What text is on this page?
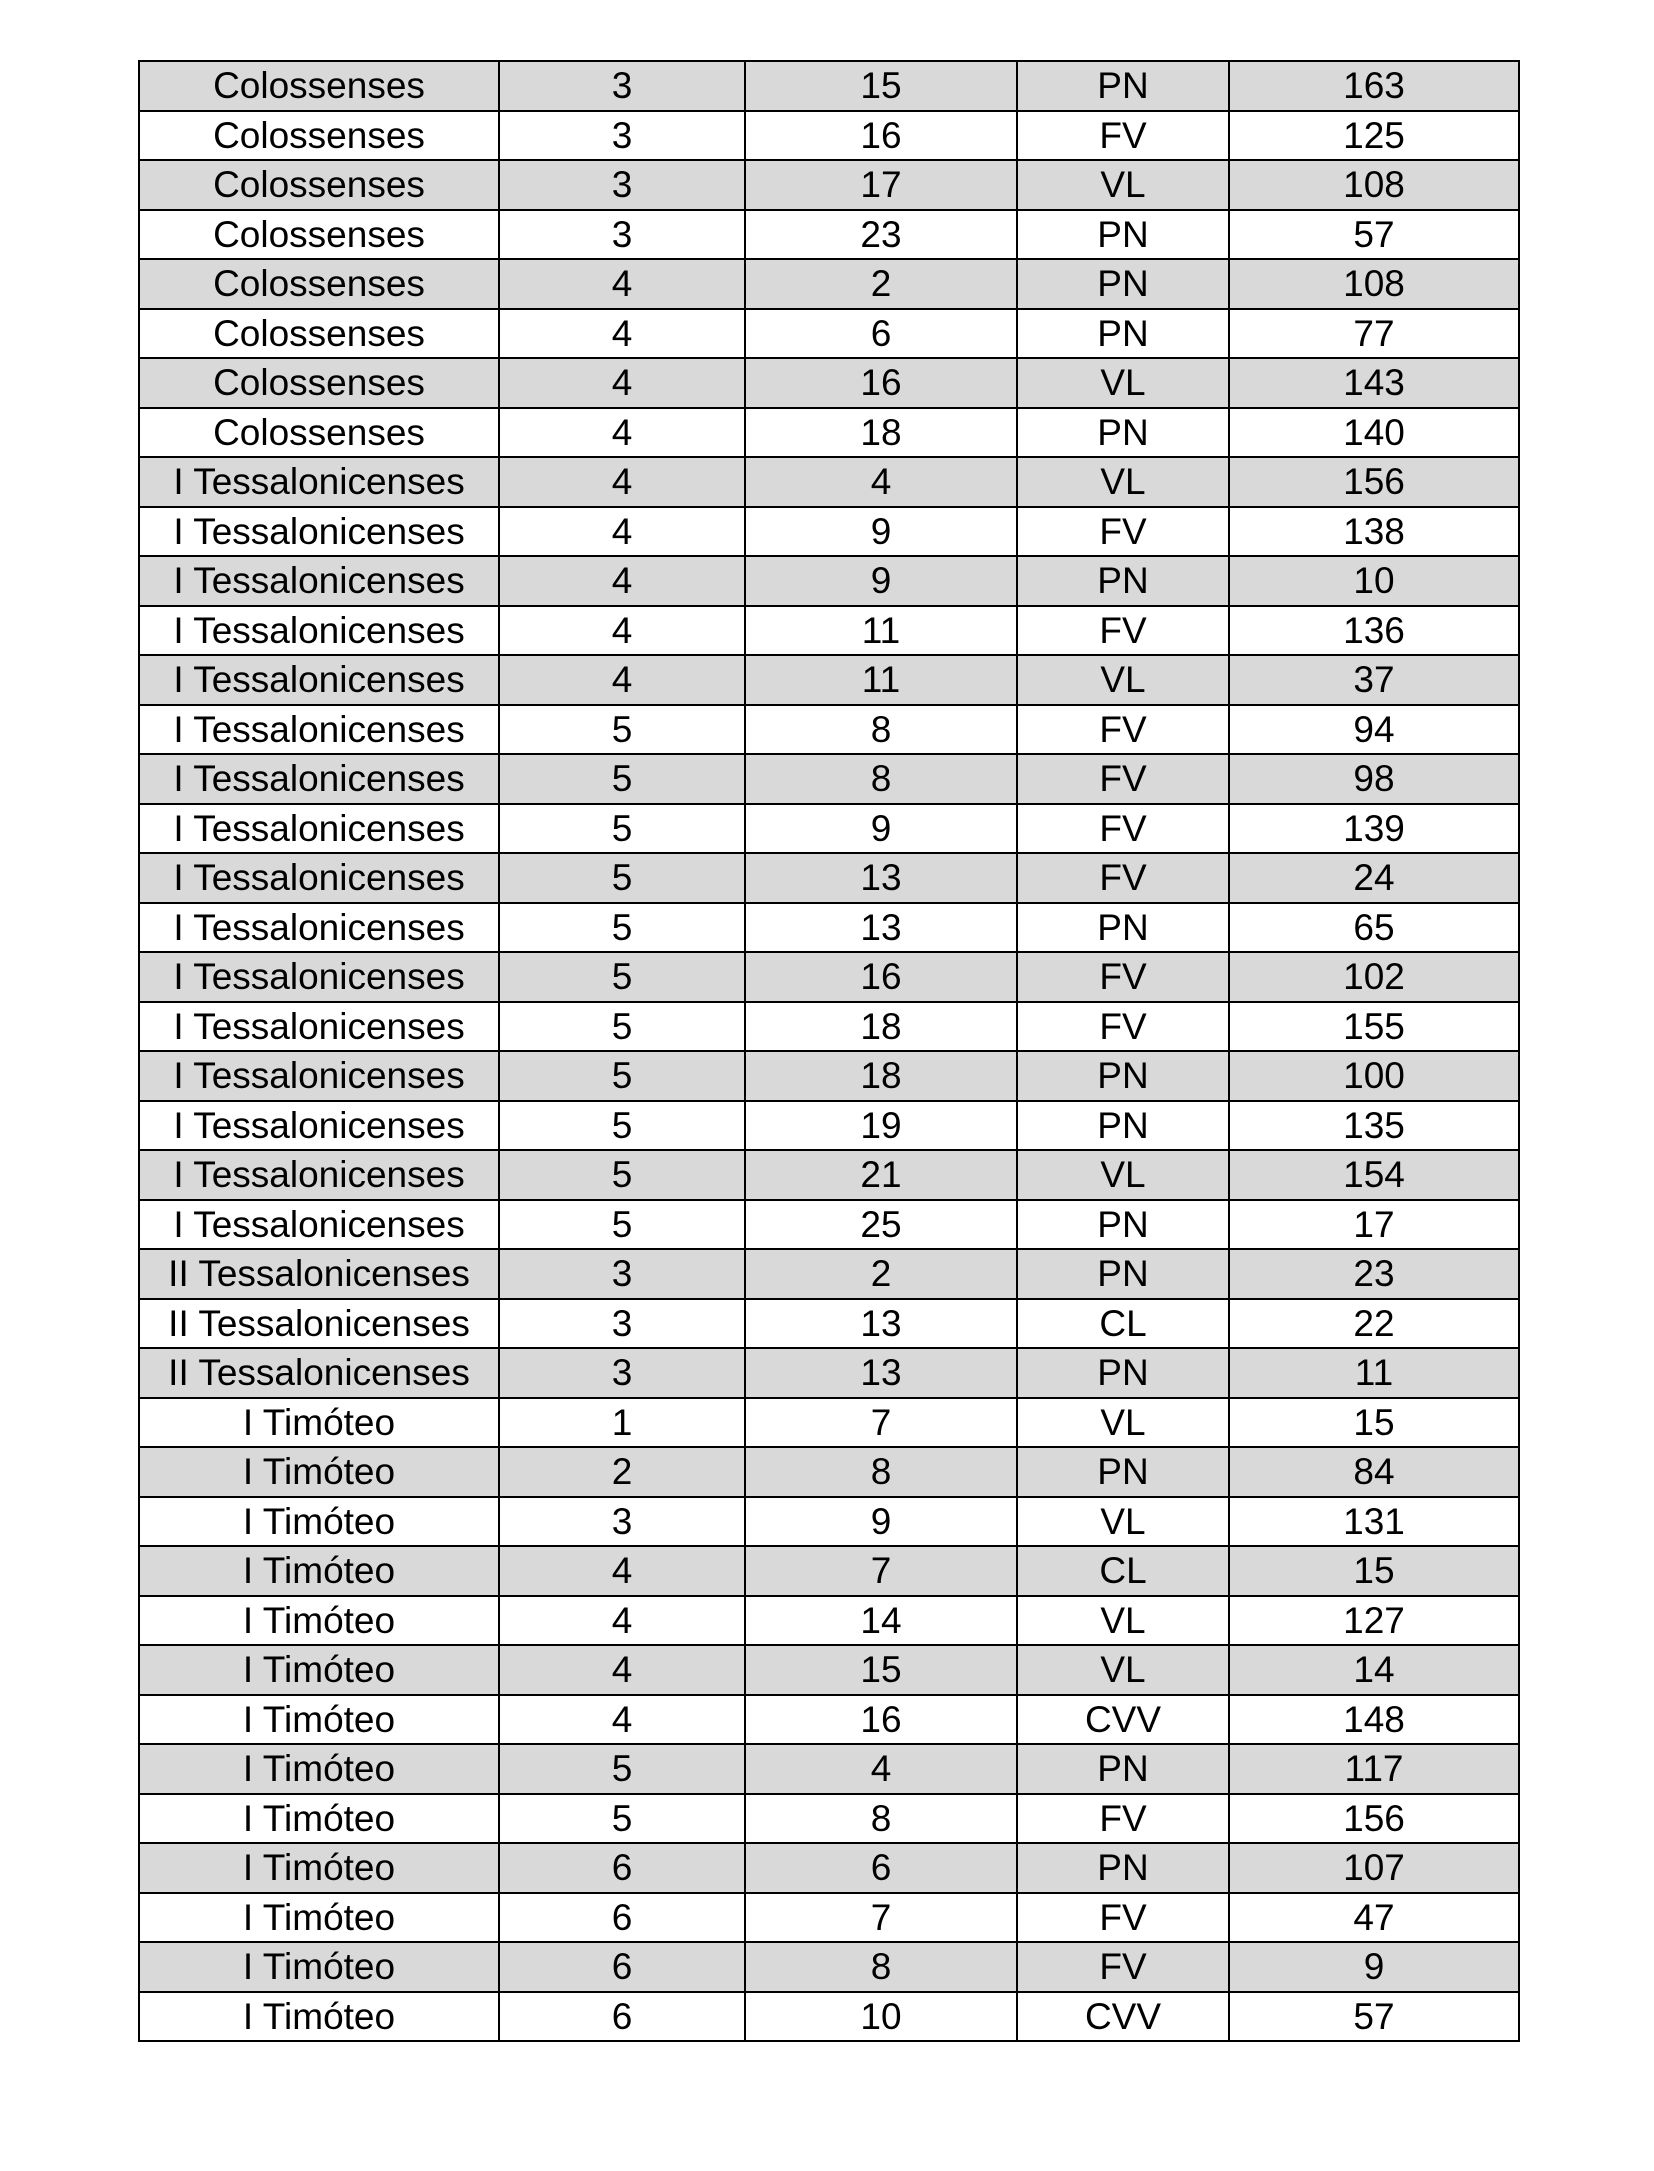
Colossenses	3	15	PN	163
Colossenses	3	16	FV	125
Colossenses	3	17	VL	108
Colossenses	3	23	PN	57
Colossenses	4	2	PN	108
Colossenses	4	6	PN	77
Colossenses	4	16	VL	143
Colossenses	4	18	PN	140
I Tessalonicenses	4	4	VL	156
I Tessalonicenses	4	9	FV	138
I Tessalonicenses	4	9	PN	10
I Tessalonicenses	4	11	FV	136
I Tessalonicenses	4	11	VL	37
I Tessalonicenses	5	8	FV	94
I Tessalonicenses	5	8	FV	98
I Tessalonicenses	5	9	FV	139
I Tessalonicenses	5	13	FV	24
I Tessalonicenses	5	13	PN	65
I Tessalonicenses	5	16	FV	102
I Tessalonicenses	5	18	FV	155
I Tessalonicenses	5	18	PN	100
I Tessalonicenses	5	19	PN	135
I Tessalonicenses	5	21	VL	154
I Tessalonicenses	5	25	PN	17
II Tessalonicenses	3	2	PN	23
II Tessalonicenses	3	13	CL	22
II Tessalonicenses	3	13	PN	11
I Timóteo	1	7	VL	15
I Timóteo	2	8	PN	84
I Timóteo	3	9	VL	131
I Timóteo	4	7	CL	15
I Timóteo	4	14	VL	127
I Timóteo	4	15	VL	14
I Timóteo	4	16	CVV	148
I Timóteo	5	4	PN	117
I Timóteo	5	8	FV	156
I Timóteo	6	6	PN	107
I Timóteo	6	7	FV	47
I Timóteo	6	8	FV	9
I Timóteo	6	10	CVV	57
